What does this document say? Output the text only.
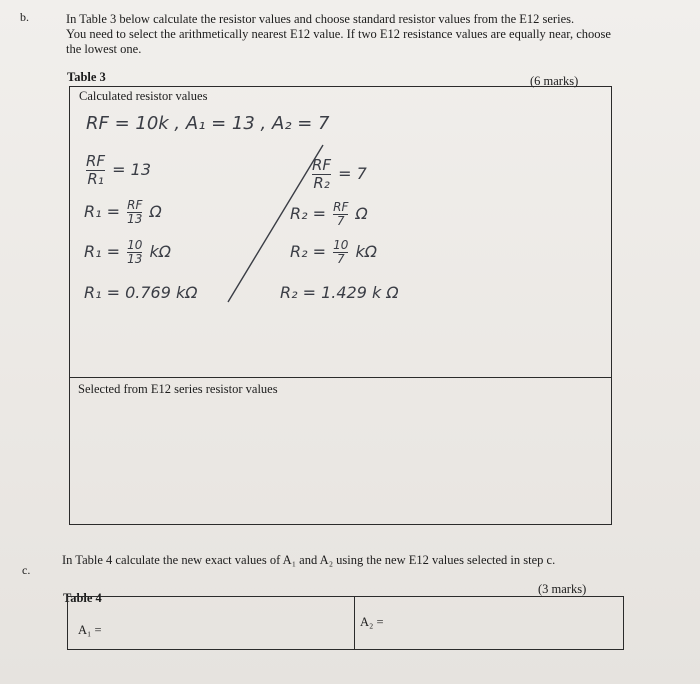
b.	In Table 3 below calculate the resistor values and choose standard resistor values from the E12 series.
You need to select the arithmetically nearest E12 value. If two E12 resistance values are equally near, choose
the lowest one.
Table 3	(6 marks)
Calculated resistor values
RF = 10k , A₁ = 13 , A₂ = 7
$\frac{RF}{\text{R₁}} = 13$
$R_1 = \frac{RF}{13}$ Ω
$R_1 = \frac{10}{13}$ kΩ
R₁ = 0.769 kΩ
$\frac{RF}{\text{R₂}} = 7$
$R_2 = \frac{RF}{7}$ Ω
$R_2 = \frac{10}{7}$ kΩ
R₂ = 1.429 k Ω
Selected from E12 series resistor values
c.
In Table 4 calculate the new exact values of A₁ and A₂ using the new E12 values selected in step c.
Table 4
(3 marks)
A₁ =
A₂ =
